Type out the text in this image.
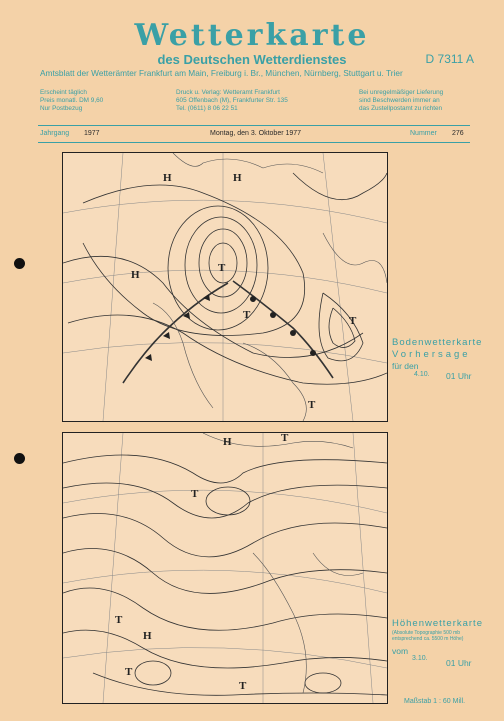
Wetterkarte
des Deutschen Wetterdienstes	D 7311 A
Amtsblatt der Wetterämter Frankfurt am Main, Freiburg i. Br., München, Nürnberg, Stuttgart u. Trier
Erscheint täglich
Preis monatl. DM 9,60
Nur Postbezug
Druck u. Verlag: Wetteramt Frankfurt
605 Offenbach (M), Frankfurter Str. 135
Tel. (0611) 8 06 22 51
Bei unregelmäßiger Lieferung
sind Beschwerden immer an
das Zustellpostamt zu richten
Jahrgang 1977	Montag, den 3. Oktober 1977	Nummer 276
T
H
H	H
T
T
T
Bodenwetterkarte
Vorhersage
für den
4.10. 01 Uhr
T
T
H
T
H
T
T
Höhenwetterkarte
(Absolute Topographie 500 mb
entsprechend ca. 5500 m Höhe)
vom
3.10. 01 Uhr
Maßstab 1 : 60 Mill.
